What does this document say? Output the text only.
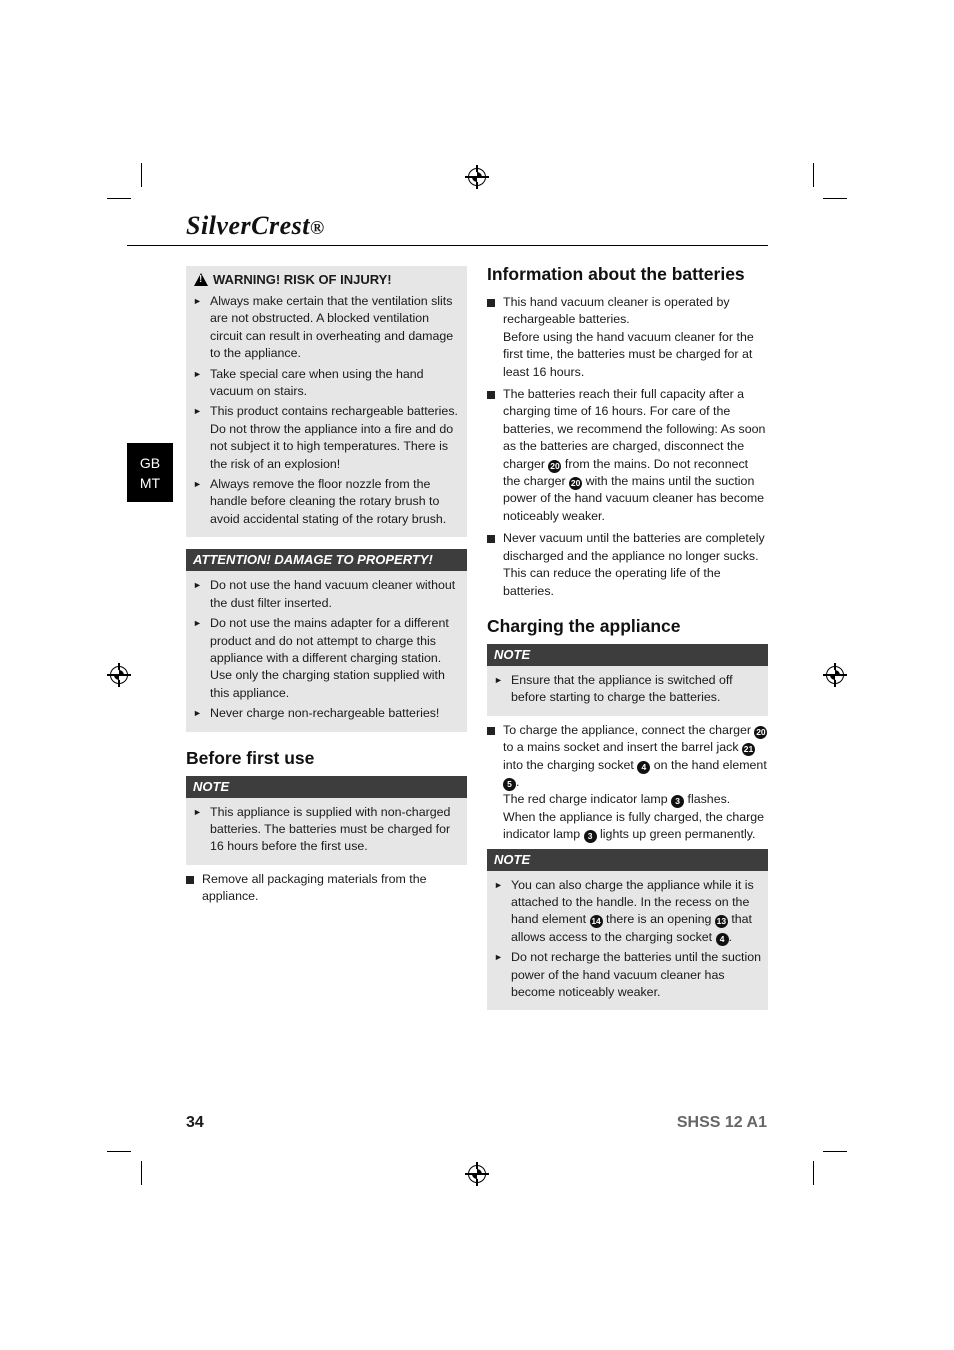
SilverCrest®
GB
MT
!
WARNING! RISK OF INJURY!
► Always make certain that the ventilation slits are not obstructed. A blocked ventilation circuit can result in overheating and damage to the appliance.
► Take special care when using the hand vacuum on stairs.
► This product contains rechargeable batteries. Do not throw the appliance into a fire and do not subject it to high temperatures. There is the risk of an explosion!
► Always remove the floor nozzle from the handle before cleaning the rotary brush to avoid accidental stating of the rotary brush.
ATTENTION! DAMAGE TO PROPERTY!
► Do not use the hand vacuum cleaner without the dust filter inserted.
► Do not use the mains adapter for a different product and do not attempt to charge this appliance with a different charging station. Use only the charging station supplied with this appliance.
► Never charge non-rechargeable batteries!
Before first use
NOTE
► This appliance is supplied with non-charged batteries. The batteries must be charged for 16 hours before the first use.
Remove all packaging materials from the appliance.
Information about the batteries

This hand vacuum cleaner is operated by rechargeable batteries.

Before using the hand vacuum cleaner for the first time, the batteries must be charged for at least 16 hours.

The batteries reach their full capacity after a charging time of 16 hours. For care of the batteries, we recommend the following: As soon as the batteries are charged, disconnect the charger 20 from the mains. Do not reconnect the charger 20 with the mains until the suction power of the hand vacuum cleaner has become noticeably weaker.
Never vacuum until the batteries are completely discharged and the appliance no longer sucks. This can reduce the operating life of the batteries.
Charging the appliance
NOTE
► Ensure that the appliance is switched off before starting to charge the batteries.

To charge the appliance, connect the charger 20 to a mains socket and insert the barrel jack 21 into the charging socket 4 on the hand element 5 .

The red charge indicator lamp 3 flashes.

When the appliance is fully charged, the charge indicator lamp 3 lights up green permanently.

NOTE
► You can also charge the appliance while it is attached to the handle. In the recess on the hand element 14 there is an opening 13 that allows access to the charging socket 4 .
► Do not recharge the batteries until the suction power of the hand vacuum cleaner has become noticeably weaker.
34	SHSS 12 A1
